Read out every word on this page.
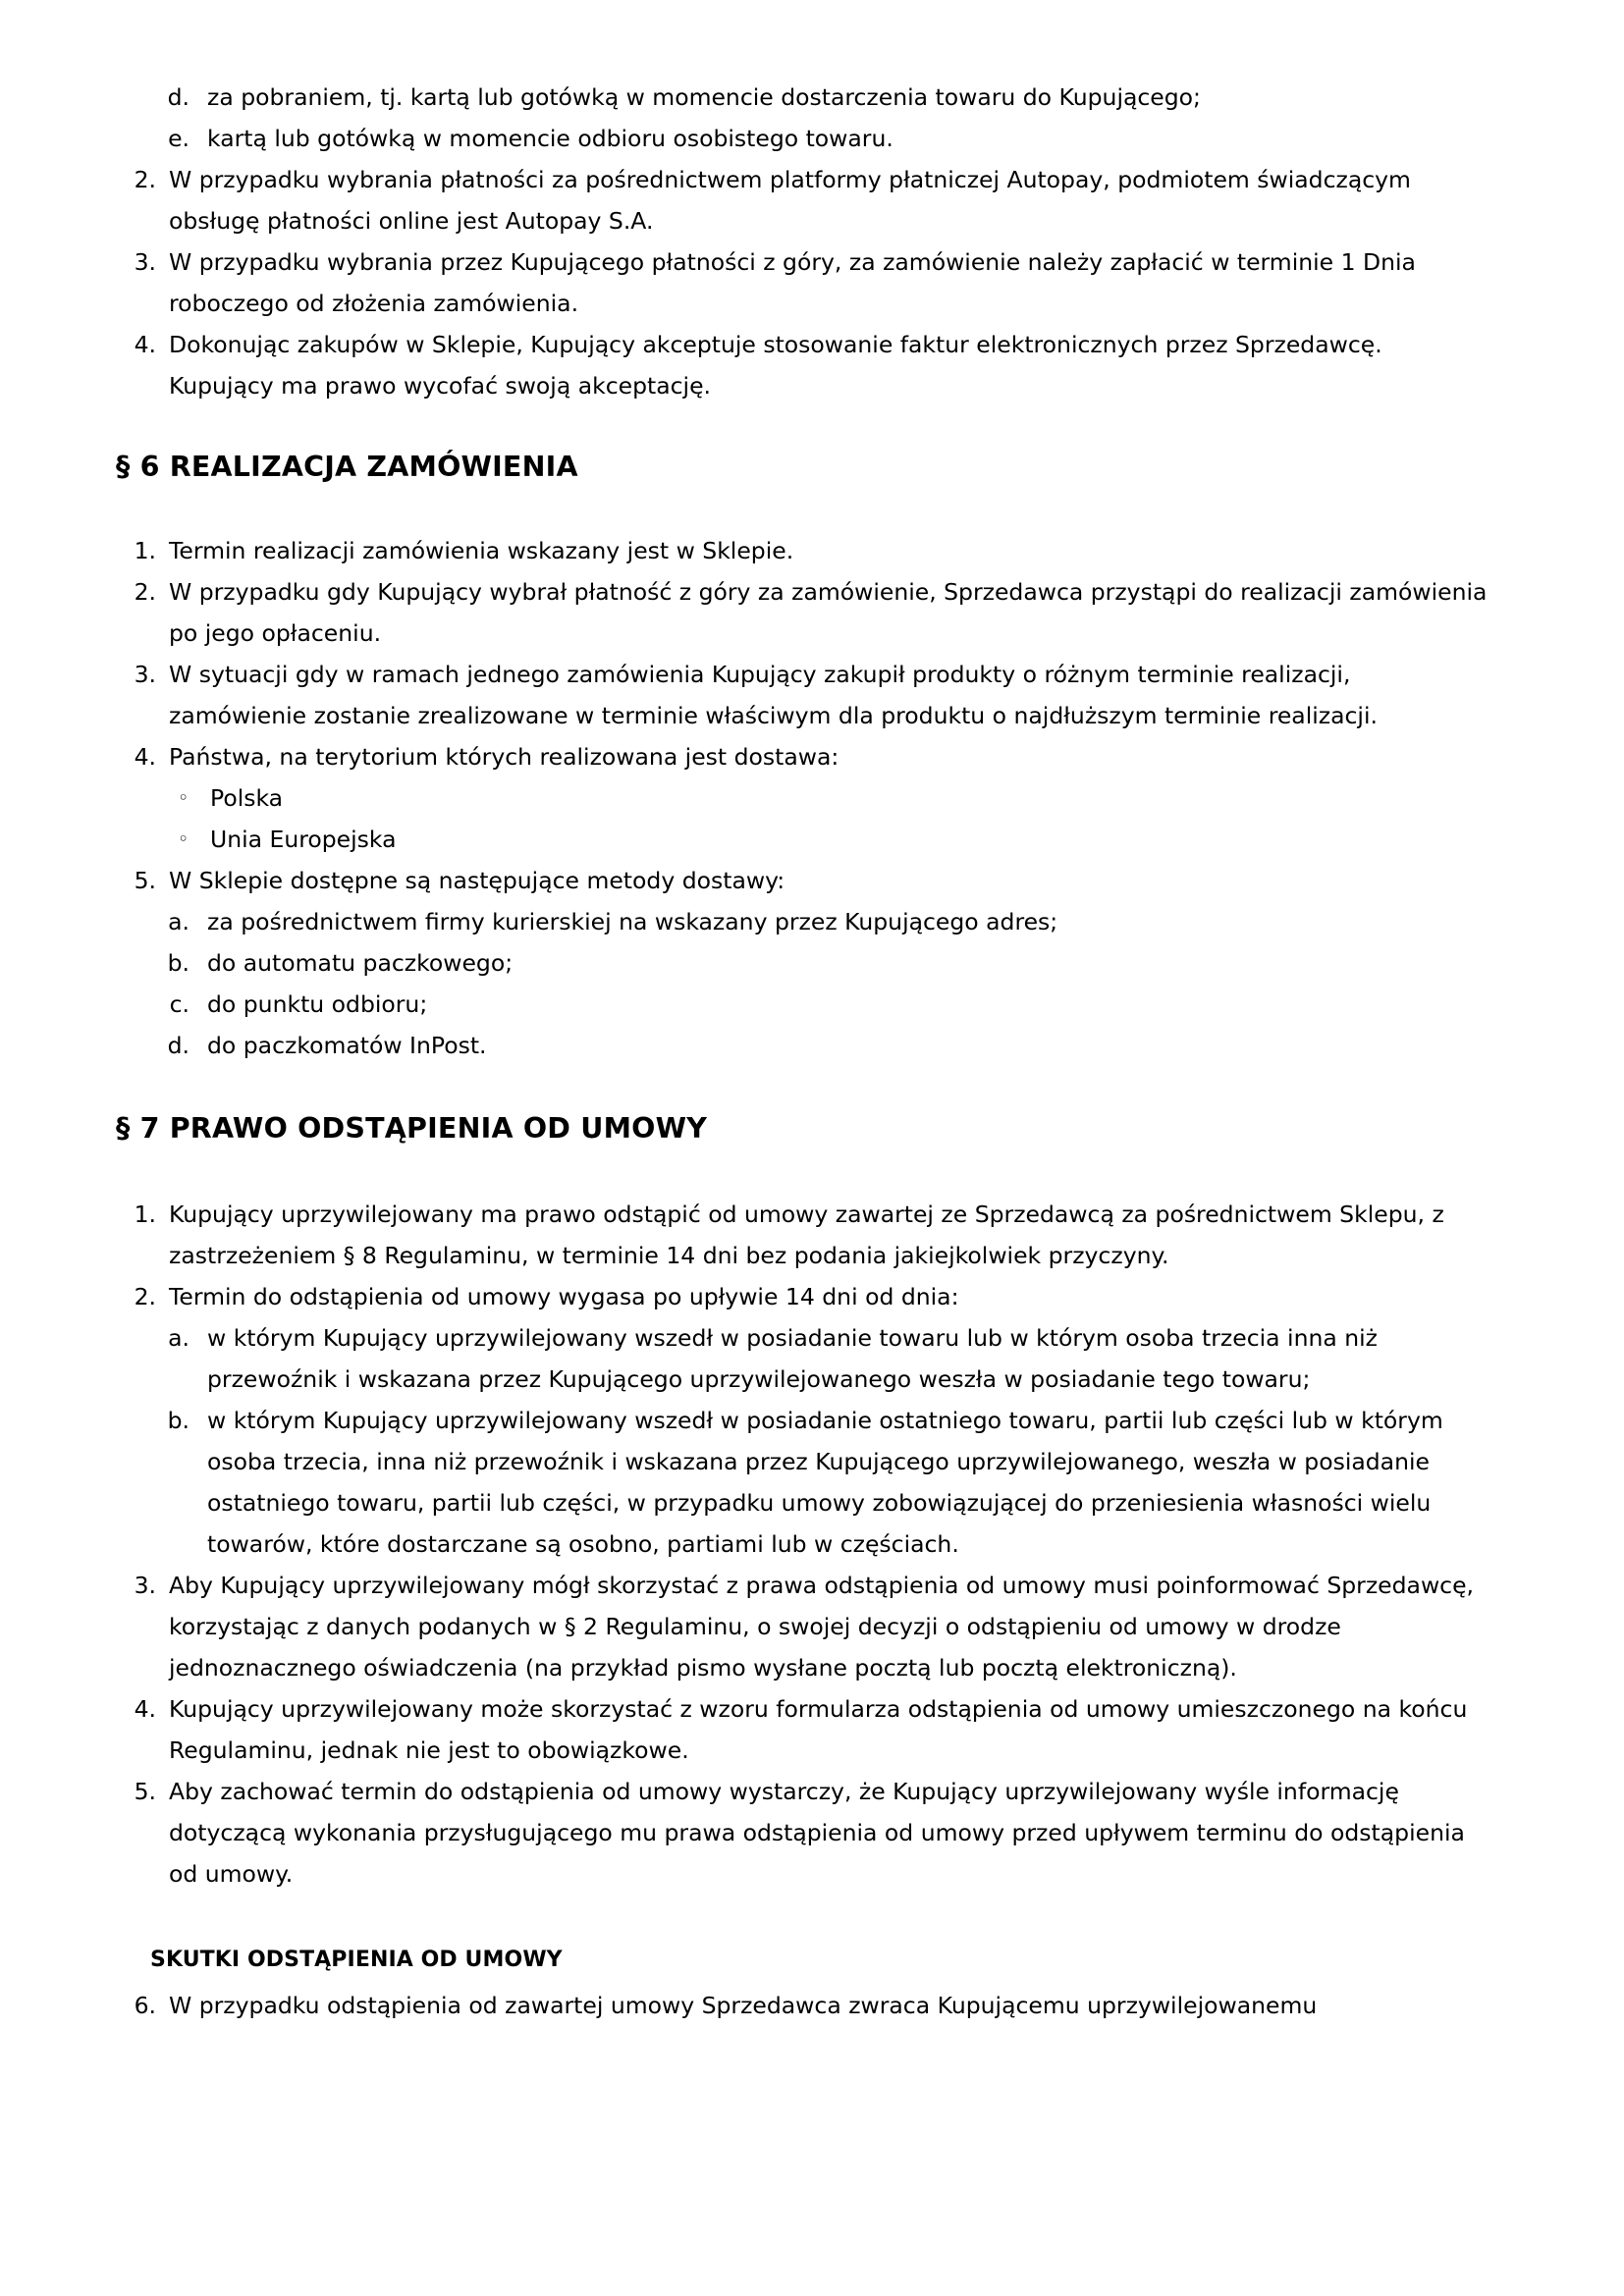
d. za pobraniem, tj. kartą lub gotówką w momencie dostarczenia towaru do Kupującego;
e. kartą lub gotówką w momencie odbioru osobistego towaru.
2. W przypadku wybrania płatności za pośrednictwem platformy płatniczej Autopay, podmiotem świadczącym obsługę płatności online jest Autopay S.A.
3. W przypadku wybrania przez Kupującego płatności z góry, za zamówienie należy zapłacić w terminie 1 Dnia roboczego od złożenia zamówienia.
4. Dokonując zakupów w Sklepie, Kupujący akceptuje stosowanie faktur elektronicznych przez Sprzedawcę. Kupujący ma prawo wycofać swoją akceptację.
§ 6 REALIZACJA ZAMÓWIENIA
1. Termin realizacji zamówienia wskazany jest w Sklepie.
2. W przypadku gdy Kupujący wybrał płatność z góry za zamówienie, Sprzedawca przystąpi do realizacji zamówienia po jego opłaceniu.
3. W sytuacji gdy w ramach jednego zamówienia Kupujący zakupił produkty o różnym terminie realizacji, zamówienie zostanie zrealizowane w terminie właściwym dla produktu o najdłuższym terminie realizacji.
4. Państwa, na terytorium których realizowana jest dostawa:
◦ Polska
◦ Unia Europejska
5. W Sklepie dostępne są następujące metody dostawy:
a. za pośrednictwem firmy kurierskiej na wskazany przez Kupującego adres;
b. do automatu paczkowego;
c. do punktu odbioru;
d. do paczkomatów InPost.
§ 7 PRAWO ODSTĄPIENIA OD UMOWY
1. Kupujący uprzywilejowany ma prawo odstąpić od umowy zawartej ze Sprzedawcą za pośrednictwem Sklepu, z zastrzeżeniem § 8 Regulaminu, w terminie 14 dni bez podania jakiejkolwiek przyczyny.
2. Termin do odstąpienia od umowy wygasa po upływie 14 dni od dnia:
a. w którym Kupujący uprzywilejowany wszedł w posiadanie towaru lub w którym osoba trzecia inna niż przewoźnik i wskazana przez Kupującego uprzywilejowanego weszła w posiadanie tego towaru;
b. w którym Kupujący uprzywilejowany wszedł w posiadanie ostatniego towaru, partii lub części lub w którym osoba trzecia, inna niż przewoźnik i wskazana przez Kupującego uprzywilejowanego, weszła w posiadanie ostatniego towaru, partii lub części, w przypadku umowy zobowiązującej do przeniesienia własności wielu towarów, które dostarczane są osobno, partiami lub w częściach.
3. Aby Kupujący uprzywilejowany mógł skorzystać z prawa odstąpienia od umowy musi poinformować Sprzedawcę, korzystając z danych podanych w § 2 Regulaminu, o swojej decyzji o odstąpieniu od umowy w drodze jednoznacznego oświadczenia (na przykład pismo wysłane pocztą lub pocztą elektroniczną).
4. Kupujący uprzywilejowany może skorzystać z wzoru formularza odstąpienia od umowy umieszczonego na końcu Regulaminu, jednak nie jest to obowiązkowe.
5. Aby zachować termin do odstąpienia od umowy wystarczy, że Kupujący uprzywilejowany wyśle informację dotyczącą wykonania przysługującego mu prawa odstąpienia od umowy przed upływem terminu do odstąpienia od umowy.
SKUTKI ODSTĄPIENIA OD UMOWY
6. W przypadku odstąpienia od zawartej umowy Sprzedawca zwraca Kupującemu uprzywilejowanemu
